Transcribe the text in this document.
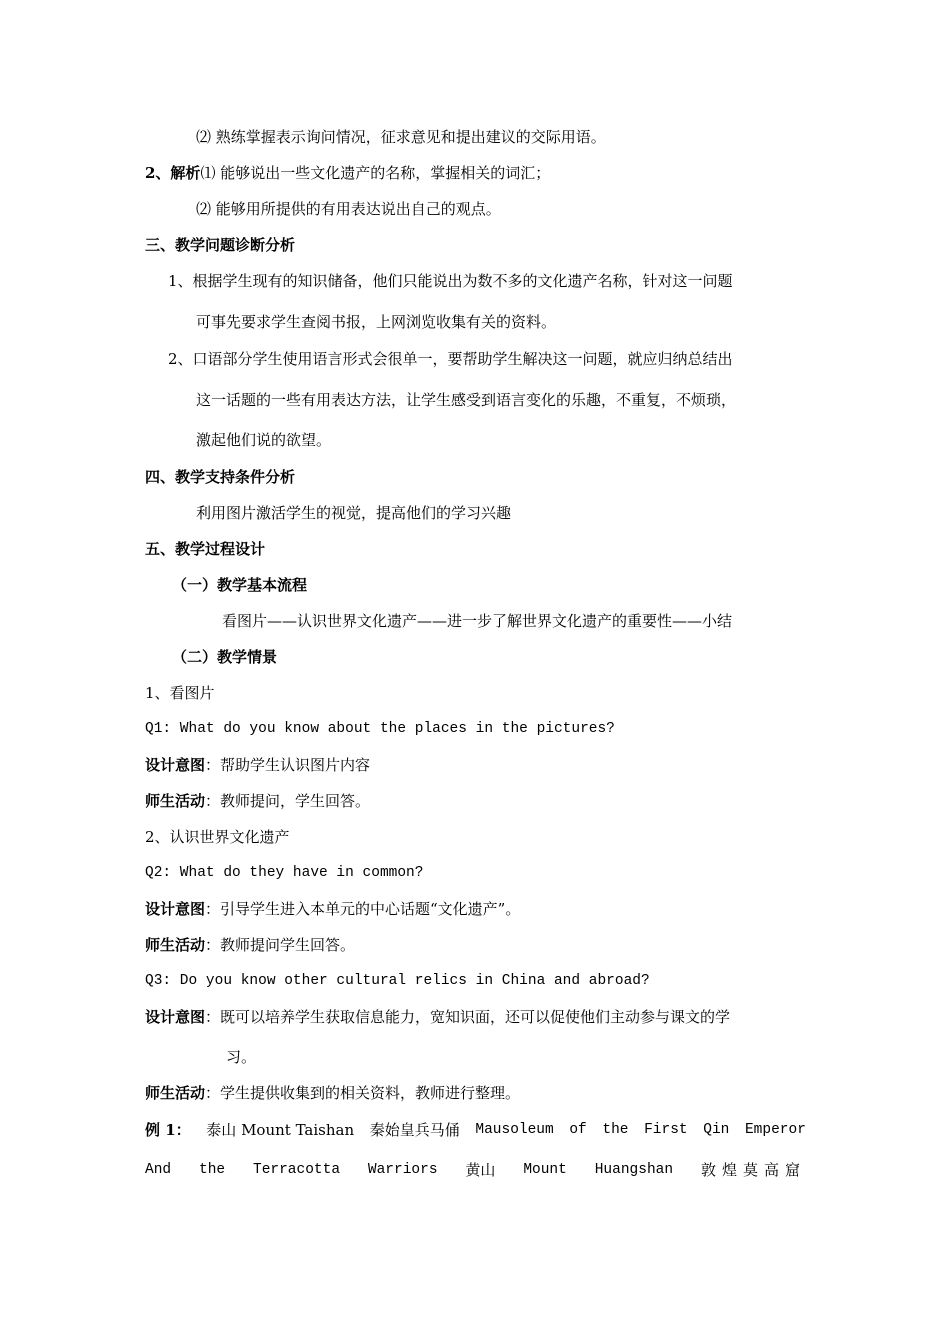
⑵ 熟练掌握表示询问情况，征求意见和提出建议的交际用语。
2、解析⑴ 能够说出一些文化遗产的名称，掌握相关的词汇；
⑵ 能够用所提供的有用表达说出自己的观点。
三、教学问题诊断分析
1、根据学生现有的知识储备，他们只能说出为数不多的文化遗产名称，针对这一问题
可事先要求学生查阅书报，上网浏览收集有关的资料。
2、口语部分学生使用语言形式会很单一，要帮助学生解决这一问题，就应归纳总结出
这一话题的一些有用表达方法，让学生感受到语言变化的乐趣，不重复，不烦琐，
激起他们说的欲望。
四、教学支持条件分析
利用图片激活学生的视觉，提高他们的学习兴趣
五、教学过程设计
（一）教学基本流程
看图片——认识世界文化遗产——进一步了解世界文化遗产的重要性——小结
（二）教学情景
1、看图片
Q1: What do you know about the places in the pictures?
设计意图：帮助学生认识图片内容
师生活动：教师提问，学生回答。
2、认识世界文化遗产
Q2: What do they have in common?
设计意图：引导学生进入本单元的中心话题“文化遗产”。
师生活动：教师提问学生回答。
Q3: Do you know other cultural relics in China and abroad?
设计意图：既可以培养学生获取信息能力，宽知识面，还可以促使他们主动参与课文的学
习。
师生活动：学生提供收集到的相关资料，教师进行整理。
例 1： 泰山 Mount Taishan 秦始皇兵马俑 Mausoleum of the First Qin Emperor
And the Terracotta Warriors 黄山 Mount Huangshan 敦煌莫高窟
